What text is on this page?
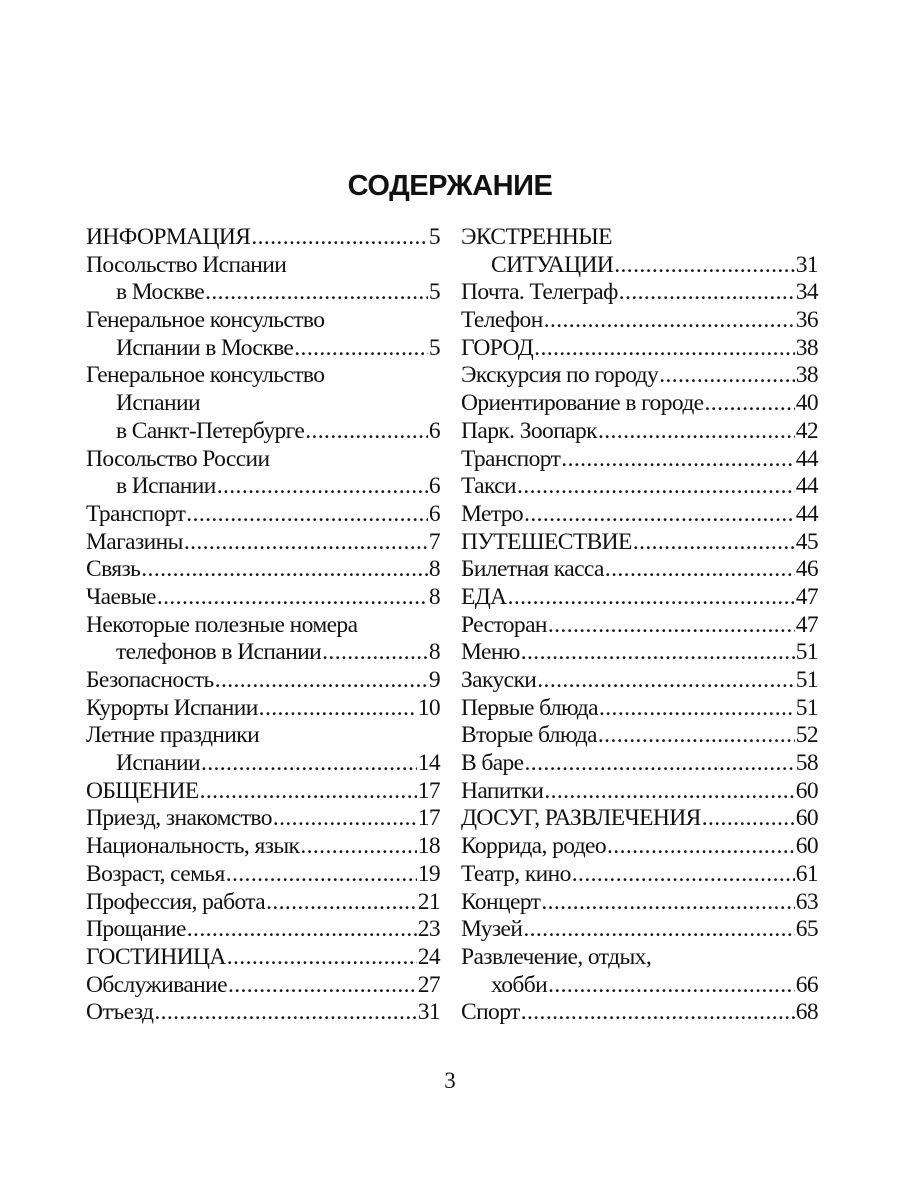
СОДЕРЖАНИЕ
ИНФОРМАЦИЯ .....	5
Посольство Испании
в Москве .....	5
Генеральное консульство
Испании в Москве .....	5
Генеральное консульство
Испании
в Санкт-Петербурге .....	6
Посольство России
в Испании .....	6
Транспорт .....	6
Магазины .....	7
Связь .....	8
Чаевые .....	8
Некоторые полезные номера
телефонов в Испании .....	8
Безопасность .....	9
Курорты Испании .....	10
Летние праздники
Испании .....	14
ОБЩЕНИЕ .....	17
Приезд, знакомство .....	17
Национальность, язык .....	18
Возраст, семья .....	19
Профессия, работа .....	21
Прощание .....	23
ГОСТИНИЦА .....	24
Обслуживание .....	27
Отъезд .....	31
ЭКСТРЕННЫЕ
СИТУАЦИИ .....	31
Почта. Телеграф .....	34
Телефон .....	36
ГОРОД .....	38
Экскурсия по городу .....	38
Ориентирование в городе .....	40
Парк. Зоопарк .....	42
Транспорт .....	44
Такси .....	44
Метро .....	44
ПУТЕШЕСТВИЕ .....	45
Билетная касса .....	46
ЕДА .....	47
Ресторан .....	47
Меню .....	51
Закуски .....	51
Первые блюда .....	51
Вторые блюда .....	52
В баре .....	58
Напитки .....	60
ДОСУГ, РАЗВЛЕЧЕНИЯ .....	60
Коррида, родео .....	60
Театр, кино .....	61
Концерт .....	63
Музей .....	65
Развлечение, отдых,
хобби .....	66
Спорт .....	68
3
